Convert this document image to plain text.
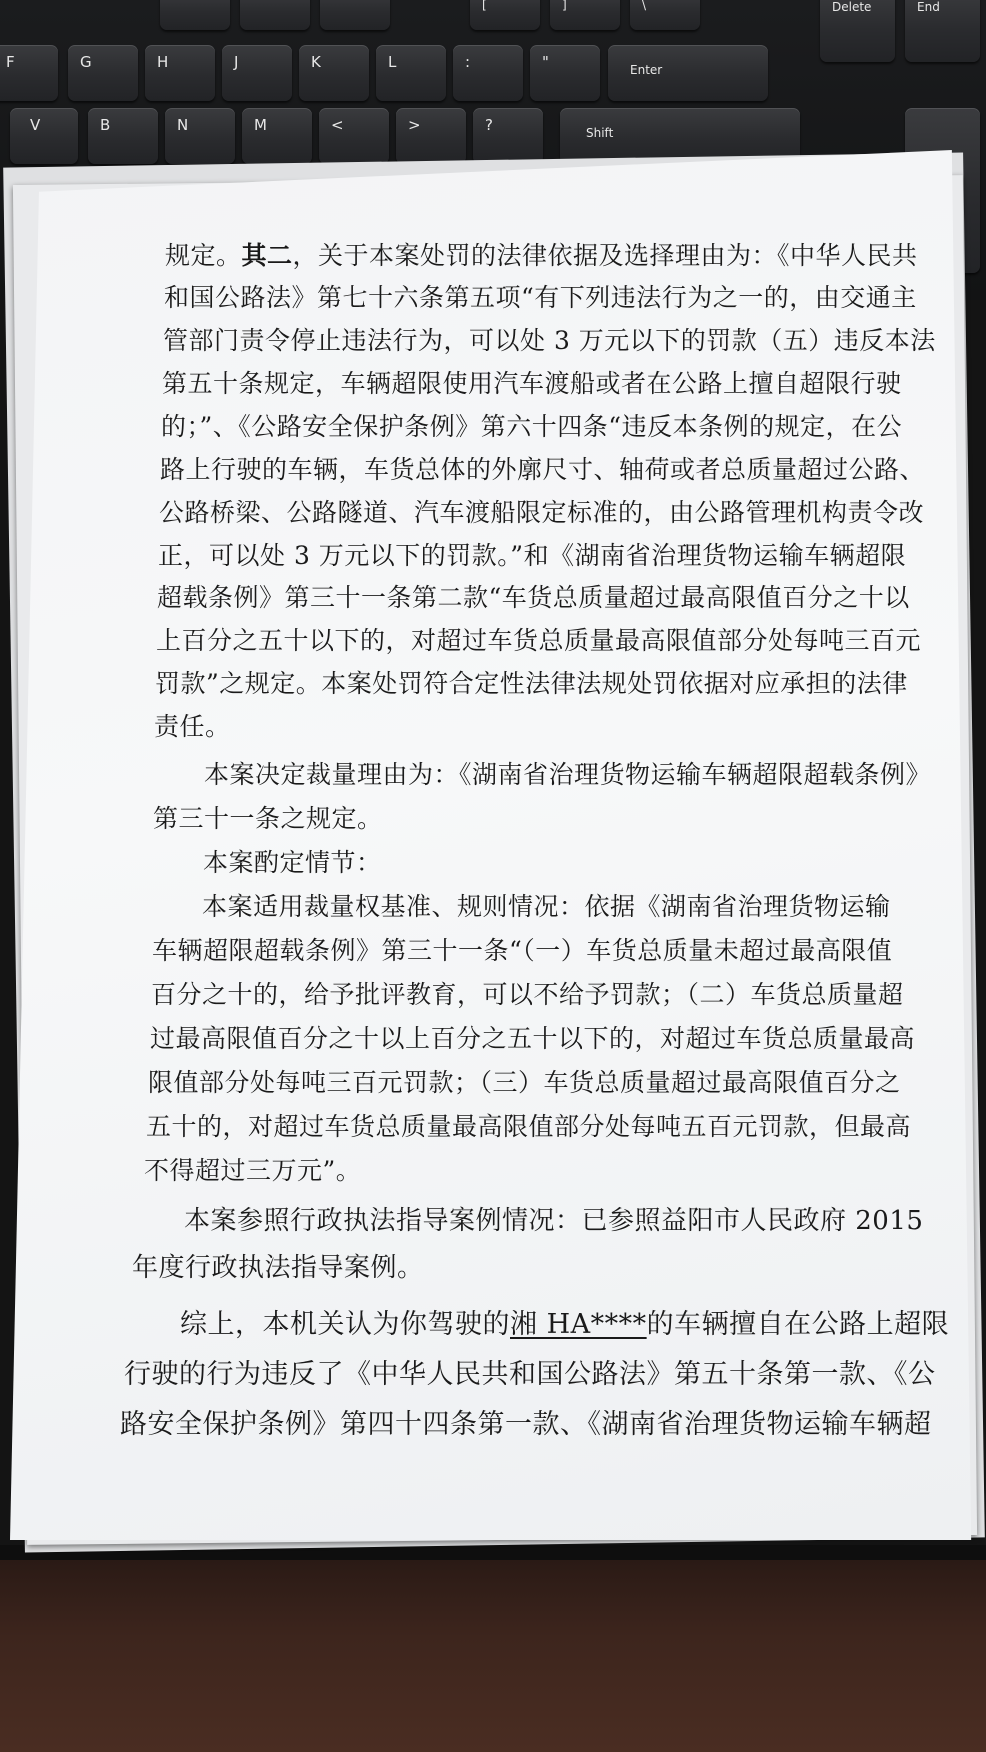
[	]	\	Delete	End
F	G	H	J	K	L	:	"	Enter
V	B	N	M	<	>	?	Shift
规定。其二，关于本案处罚的法律依据及选择理由为：《中华人民共
和国公路法》第七十六条第五项“有下列违法行为之一的，由交通主
管部门责令停止违法行为，可以处 3 万元以下的罚款（五）违反本法
第五十条规定，车辆超限使用汽车渡船或者在公路上擅自超限行驶
的；”、《公路安全保护条例》第六十四条“违反本条例的规定，在公
路上行驶的车辆，车货总体的外廓尺寸、轴荷或者总质量超过公路、
公路桥梁、公路隧道、汽车渡船限定标准的，由公路管理机构责令改
正，可以处 3 万元以下的罚款。”和《湖南省治理货物运输车辆超限
超载条例》第三十一条第二款“车货总质量超过最高限值百分之十以
上百分之五十以下的，对超过车货总质量最高限值部分处每吨三百元
罚款”之规定。本案处罚符合定性法律法规处罚依据对应承担的法律
责任。
本案决定裁量理由为：《湖南省治理货物运输车辆超限超载条例》
第三十一条之规定。
本案酌定情节：
本案适用裁量权基准、规则情况：依据《湖南省治理货物运输
车辆超限超载条例》第三十一条“（一）车货总质量未超过最高限值
百分之十的，给予批评教育，可以不给予罚款；（二）车货总质量超
过最高限值百分之十以上百分之五十以下的，对超过车货总质量最高
限值部分处每吨三百元罚款；（三）车货总质量超过最高限值百分之
五十的，对超过车货总质量最高限值部分处每吨五百元罚款，但最高
不得超过三万元”。
本案参照行政执法指导案例情况：已参照益阳市人民政府 2015
年度行政执法指导案例。
综上，本机关认为你驾驶的湘 HA****的车辆擅自在公路上超限
行驶的行为违反了《中华人民共和国公路法》第五十条第一款、《公
路安全保护条例》第四十四条第一款、《湖南省治理货物运输车辆超
